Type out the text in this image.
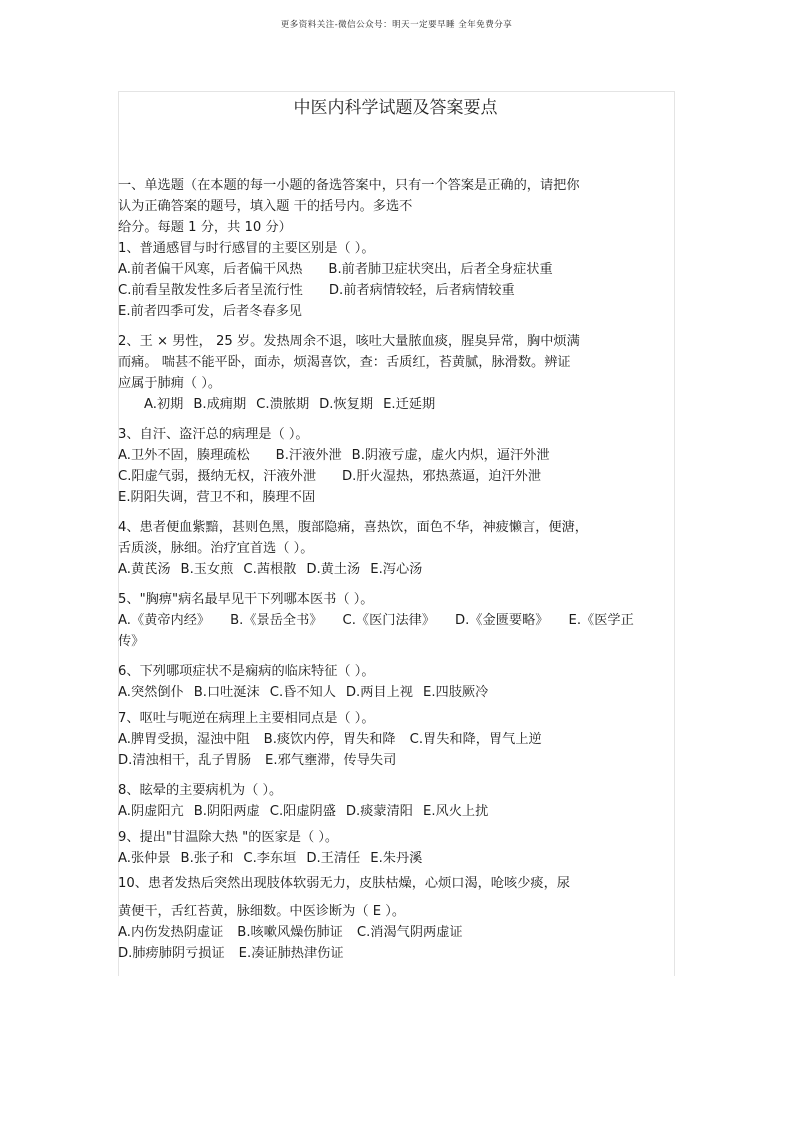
更多资料关注-微信公众号：明天一定要早睡 全年免费分享
中医内科学试题及答案要点
一、单选题（在本题的每一小题的备选答案中，只有一个答案是正确的，请把你
认为正确答案的题号，填入题 干的括号内。多选不
给分。每题 1 分，共 10 分）
1、普通感冒与时行感冒的主要区别是（ ）。
A.前者偏干风寒，后者偏干风热 B.前者肺卫症状突出，后者全身症状重
C.前看呈散发性多后者呈流行性 D.前者病情较轻，后者病情较重
E.前者四季可发，后者冬春多见
2、王 × 男性， 25 岁。发热周余不退，咳吐大量脓血痰，腥臭异常，胸中烦满
而痛。 喘甚不能平卧，面赤，烦渴喜饮，查：舌质红，苔黄腻，脉滑数。辨证
应属于肺痈（ ）。
A.初期 B.成痈期 C.溃脓期 D.恢复期 E.迁延期
3、自汗、盗汗总的病理是（ ）。
A.卫外不固，腠理疏松 B.汗液外泄 B.阴液亏虚，虚火内炽，逼汗外泄
C.阳虚气弱，摄纳无权，汗液外泄 D.肝火湿热，邪热蒸逼，迫汗外泄
E.阴阳失调，营卫不和，腠理不固
4、患者便血紫黯，甚则色黑，腹部隐痛，喜热饮，面色不华，神疲懒言，便溏，
舌质淡，脉细。治疗宜首选（ ）。
A.黄芪汤 B.玉女煎 C.茜根散 D.黄土汤 E.泻心汤
5、"胸痹"病名最早见干下列哪本医书（ ）。
A.《黄帝内经》 B.《景岳全书》 C.《医门法律》 D.《金匮要略》 E.《医学正
传》
6、下列哪项症状不是痫病的临床特征（ ）。
A.突然倒仆 B.口吐涎沫 C.昏不知人 D.两目上视 E.四肢厥冷
7、呕吐与呃逆在病理上主要相同点是（ ）。
A.脾胃受损，湿浊中阻 B.痰饮内停，胃失和降 C.胃失和降，胃气上逆
D.清浊相干，乱子胃肠 E.邪气壅滞，传导失司
8、眩晕的主要病机为（ ）。
A.阴虚阳亢 B.阴阳两虚 C.阳虚阴盛 D.痰蒙清阳 E.风火上扰
9、提出"甘温除大热 "的医家是（ ）。
A.张仲景 B.张子和 C.李东垣 D.王清任 E.朱丹溪
10、患者发热后突然出现肢体软弱无力，皮肤枯燥，心烦口渴，呛咳少痰，尿
黄便干，舌红苔黄，脉细数。中医诊断为（ E ）。
A.内伤发热阴虚证 B.咳嗽风燥伤肺证 C.消渴气阴两虚证
D.肺痨肺阴亏损证 E.凑证肺热津伤证
